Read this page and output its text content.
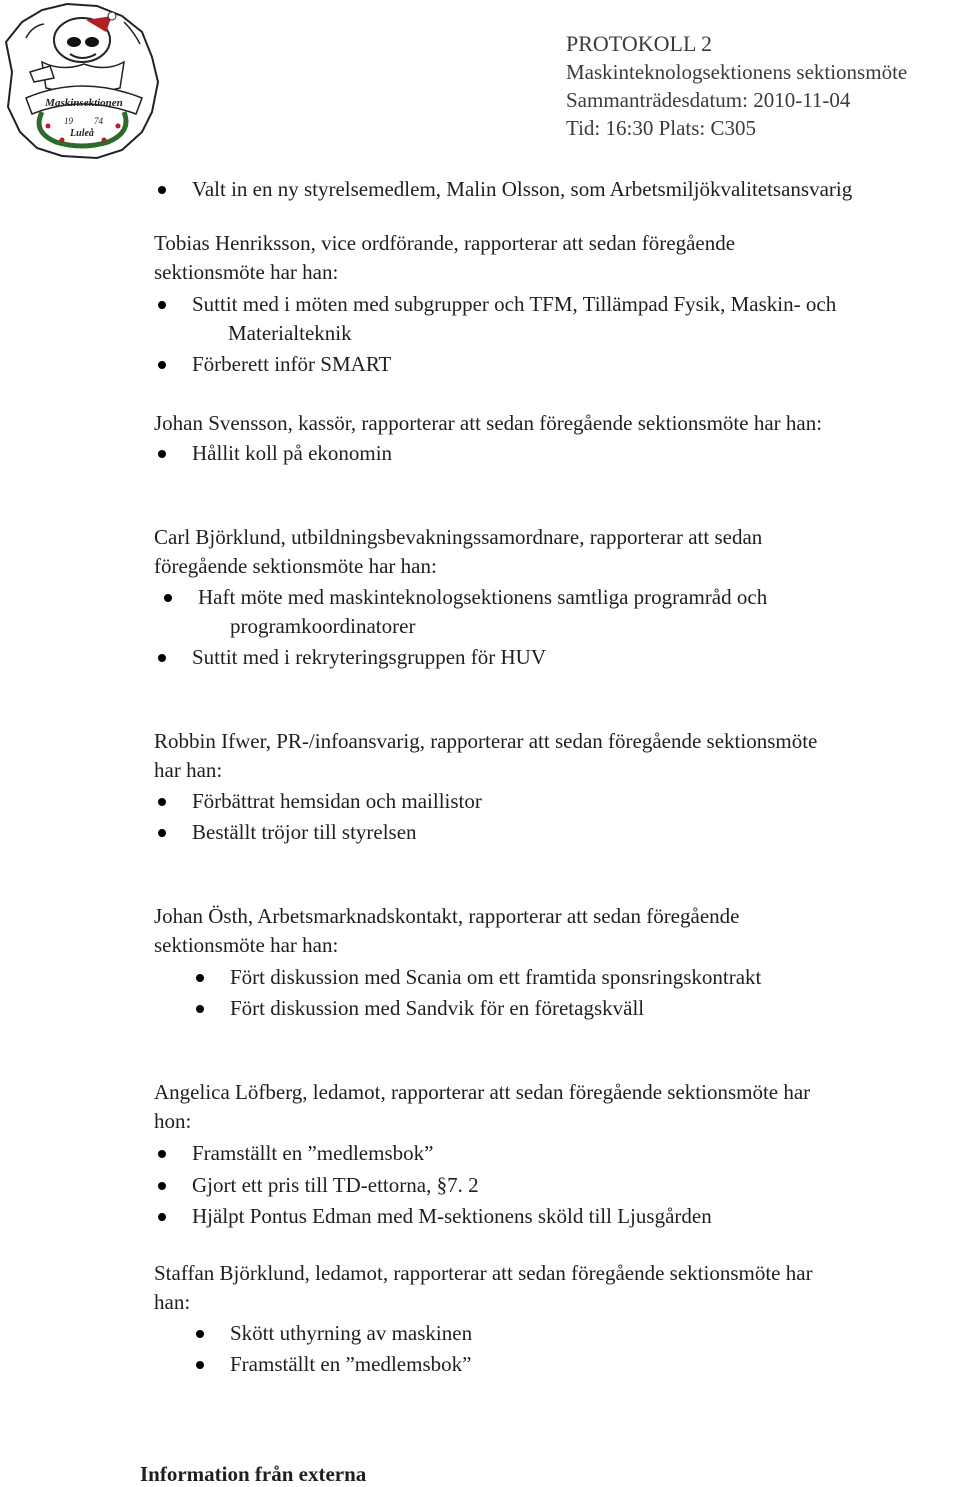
Maskinsektionen
19 74
Luleå
PROTOKOLL 2
Maskinteknologsektionens sektionsmöte
Sammanträdesdatum: 2010-11-04
Tid: 16:30 Plats: C305
Valt in en ny styrelsemedlem, Malin Olsson, som Arbetsmiljökvalitetsansvarig
Tobias Henriksson, vice ordförande, rapporterar att sedan föregående
sektionsmöte har han:
Suttit med i möten med subgrupper och TFM, Tillämpad Fysik, Maskin- och
Materialteknik
Förberett inför SMART
Johan Svensson, kassör, rapporterar att sedan föregående sektionsmöte har han:
Hållit koll på ekonomin
Carl Björklund, utbildningsbevakningssamordnare, rapporterar att sedan
föregående sektionsmöte har han:
Haft möte med maskinteknologsektionens samtliga programråd och
programkoordinatorer
Suttit med i rekryteringsgruppen för HUV
Robbin Ifwer, PR-/infoansvarig, rapporterar att sedan föregående sektionsmöte
har han:
Förbättrat hemsidan och maillistor
Beställt tröjor till styrelsen
Johan Östh, Arbetsmarknadskontakt, rapporterar att sedan föregående
sektionsmöte har han:
Fört diskussion med Scania om ett framtida sponsringskontrakt
Fört diskussion med Sandvik för en företagskväll
Angelica Löfberg, ledamot, rapporterar att sedan föregående sektionsmöte har
hon:
Framställt en ”medlemsbok”
Gjort ett pris till TD-ettorna, §7. 2
Hjälpt Pontus Edman med M-sektionens sköld till Ljusgården
Staffan Björklund, ledamot, rapporterar att sedan föregående sektionsmöte har
han:
Skött uthyrning av maskinen
Framställt en ”medlemsbok”
Information från externa
